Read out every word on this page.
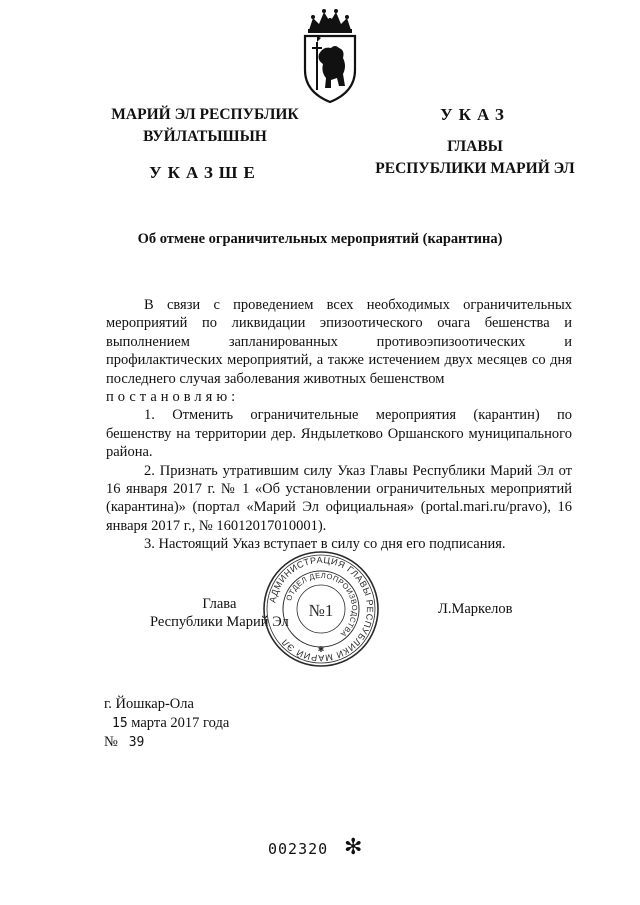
МАРИЙ ЭЛ РЕСПУБЛИК
ВУЙЛАТЫШЫН
УКАЗШЕ
УКАЗ
ГЛАВЫ
РЕСПУБЛИКИ МАРИЙ ЭЛ
Об отмене ограничительных мероприятий (карантина)

В связи с проведением всех необходимых ограничительных мероприятий по ликвидации эпизоотического очага бешенства и выполнением запланированных противоэпизоотических и профилактических мероприятий, а также истечением двух месяцев со дня последнего случая заболевания животных бешенством

постановляю:

1. Отменить ограничительные мероприятия (карантин) по бешенству на территории дер. Яндылетково Оршанского муниципального района.

2. Признать утратившим силу Указ Главы Республики Марий Эл от 16 января 2017 г. № 1 «Об установлении ограничительных мероприятий (карантина)» (портал «Марий Эл официальная» (portal.mari.ru/pravo), 16 января 2017 г., № 16012017010001).

3. Настоящий Указ вступает в силу со дня его подписания.

Глава
Республики Марий Эл
АДМИНИСТРАЦИЯ ГЛАВЫ РЕСПУБЛИКИ МАРИЙ ЭЛ
ОТДЕЛ ДЕЛОПРОИЗВОДСТВА
№1
✱
Л.Маркелов
г. Йошкар-Ола
15 марта 2017 года
№ 39
002320 ✻
